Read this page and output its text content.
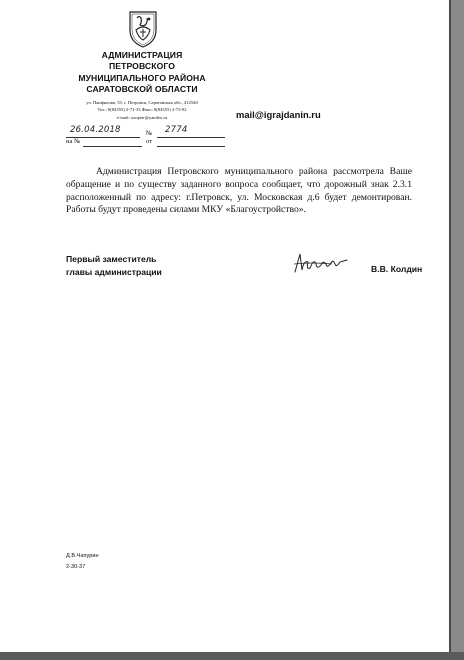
АДМИНИСТРАЦИЯ
ПЕТРОВСКОГО
МУНИЦИПАЛЬНОГО РАЙОНА
САРАТОВСКОЙ ОБЛАСТИ
ул. Панфилова, 55, г. Петровск, Саратовская обл., 412540
Тел.: 8(84555) 2-71-33 Факс: 8(84555) 2-73-92
e-mail: ozopetr@yandex.ru	mail@igrajdanin.ru
26.04.2018	№ 2774
на №	от
Администрация Петровского муниципального района рассмотрела Ваше обращение и по существу заданного вопроса сообщает, что дорожный знак 2.3.1 расположенный по адресу: г.Петровск, ул. Московская д.6 будет демонтирован. Работы будут проведены силами МКУ «Благоустройство».
Первый заместитель
главы администрации	В.В. Колдин
Д.В.Чапурин
2-30-37
